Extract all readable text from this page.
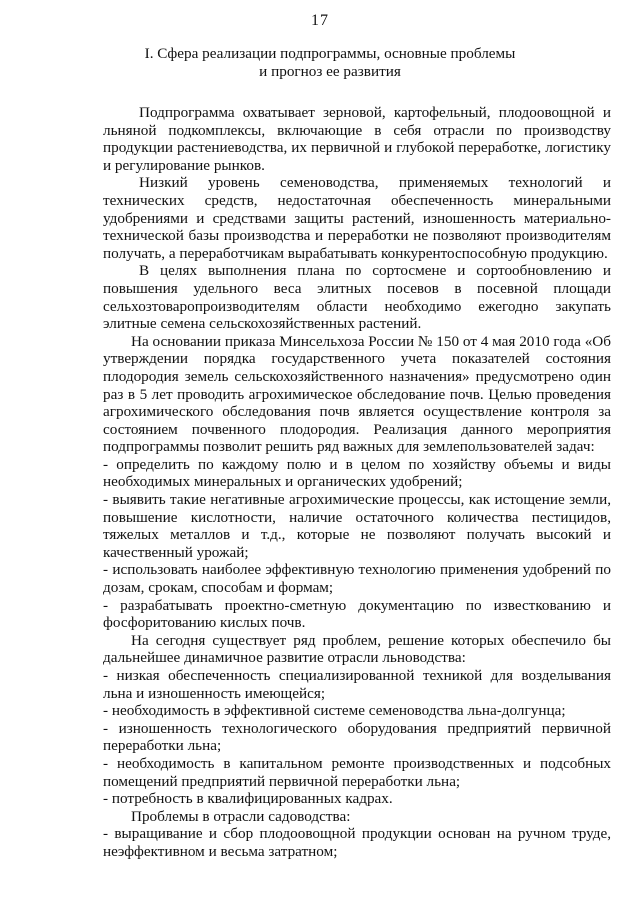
17
I. Сфера реализации подпрограммы, основные проблемы
и прогноз ее развития

Подпрограмма охватывает зерновой, картофельный, плодоовощной и льняной подкомплексы, включающие в себя отрасли по производству продукции растениеводства, их первичной и глубокой переработке, логистику и регулирование рынков.

Низкий уровень семеноводства, применяемых технологий и технических средств, недостаточная обеспеченность минеральными удобрениями и средствами защиты растений, изношенность материально-технической базы производства и переработки не позволяют производителям получать, а переработчикам вырабатывать конкурентоспособную продукцию.

В целях выполнения плана по сортосмене и сортообновлению и повышения удельного веса элитных посевов в посевной площади сельхозтоваропроизводителям области необходимо ежегодно закупать элитные семена сельскохозяйственных растений.

На основании приказа Минсельхоза России № 150 от 4 мая 2010 года «Об утверждении порядка государственного учета показателей состояния плодородия земель сельскохозяйственного назначения» предусмотрено один раз в 5 лет проводить агрохимическое обследование почв. Целью проведения агрохимического обследования почв является осуществление контроля за состоянием почвенного плодородия. Реализация данного мероприятия подпрограммы позволит решить ряд важных для землепользователей задач:

- определить по каждому полю и в целом по хозяйству объемы и виды необходимых минеральных и органических удобрений;

- выявить такие негативные агрохимические процессы, как истощение земли, повышение кислотности, наличие остаточного количества пестицидов, тяжелых металлов и т.д., которые не позволяют получать высокий и качественный урожай;

- использовать наиболее эффективную технологию применения удобрений по дозам, срокам, способам и формам;

- разрабатывать проектно-сметную документацию по известкованию и фосфоритованию кислых почв.

На сегодня существует ряд проблем, решение которых обеспечило бы дальнейшее динамичное развитие отрасли льноводства:

- низкая обеспеченность специализированной техникой для возделывания льна и изношенность имеющейся;

- необходимость в эффективной системе семеноводства льна-долгунца;

- изношенность технологического оборудования предприятий первичной переработки льна;

- необходимость в капитальном ремонте производственных и подсобных помещений предприятий первичной переработки льна;

- потребность в квалифицированных кадрах.

Проблемы в отрасли садоводства:

- выращивание и сбор плодоовощной продукции основан на ручном труде, неэффективном и весьма затратном;
